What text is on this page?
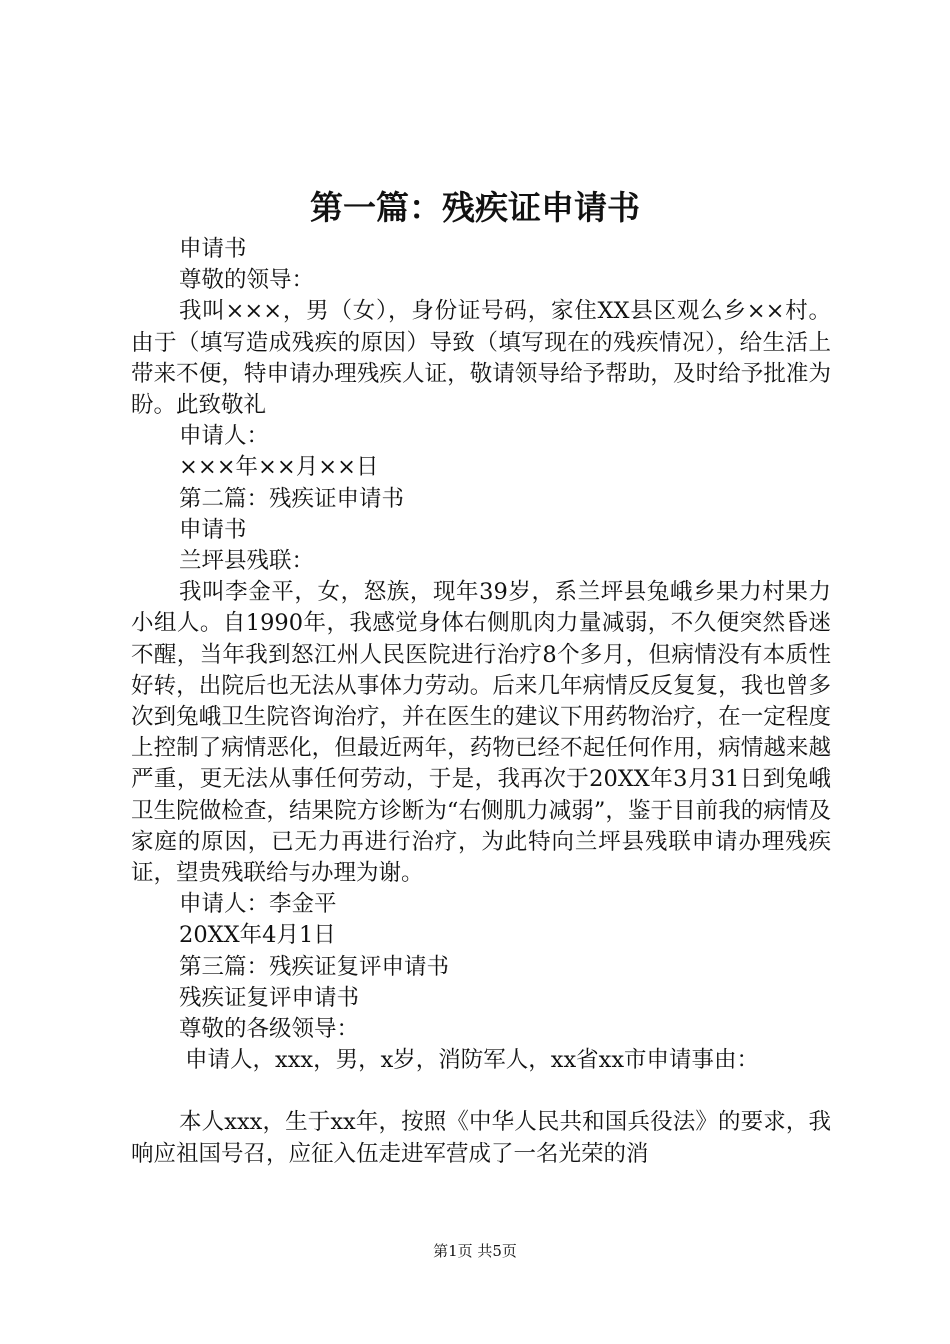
第一篇：残疾证申请书

申请书

尊敬的领导：

我叫×××，男（女），身份证号码，家住XX县区观么乡××村。由于（填写造成残疾的原因）导致（填写现在的残疾情况），给生活上带来不便，特申请办理残疾人证，敬请领导给予帮助，及时给予批准为盼。此致敬礼

申请人：

×××年××月××日

第二篇：残疾证申请书

申请书

兰坪县残联：

我叫李金平，女，怒族，现年39岁，系兰坪县兔峨乡果力村果力小组人。自1990年，我感觉身体右侧肌肉力量减弱，不久便突然昏迷不醒，当年我到怒江州人民医院进行治疗8个多月，但病情没有本质性好转，出院后也无法从事体力劳动。后来几年病情反反复复，我也曾多次到兔峨卫生院咨询治疗，并在医生的建议下用药物治疗，在一定程度上控制了病情恶化，但最近两年，药物已经不起任何作用，病情越来越严重，更无法从事任何劳动，于是，我再次于20XX年3月31日到兔峨卫生院做检查，结果院方诊断为“右侧肌力减弱”，鉴于目前我的病情及家庭的原因，已无力再进行治疗，为此特向兰坪县残联申请办理残疾证，望贵残联给与办理为谢。

申请人：李金平

20XX年4月1日

第三篇：残疾证复评申请书

残疾证复评申请书

尊敬的各级领导：

申请人，xxx，男，x岁，消防军人，xx省xx市申请事由：

本人xxx，生于xx年，按照《中华人民共和国兵役法》的要求，我响应祖国号召，应征入伍走进军营成了一名光荣的消

第1页 共5页
